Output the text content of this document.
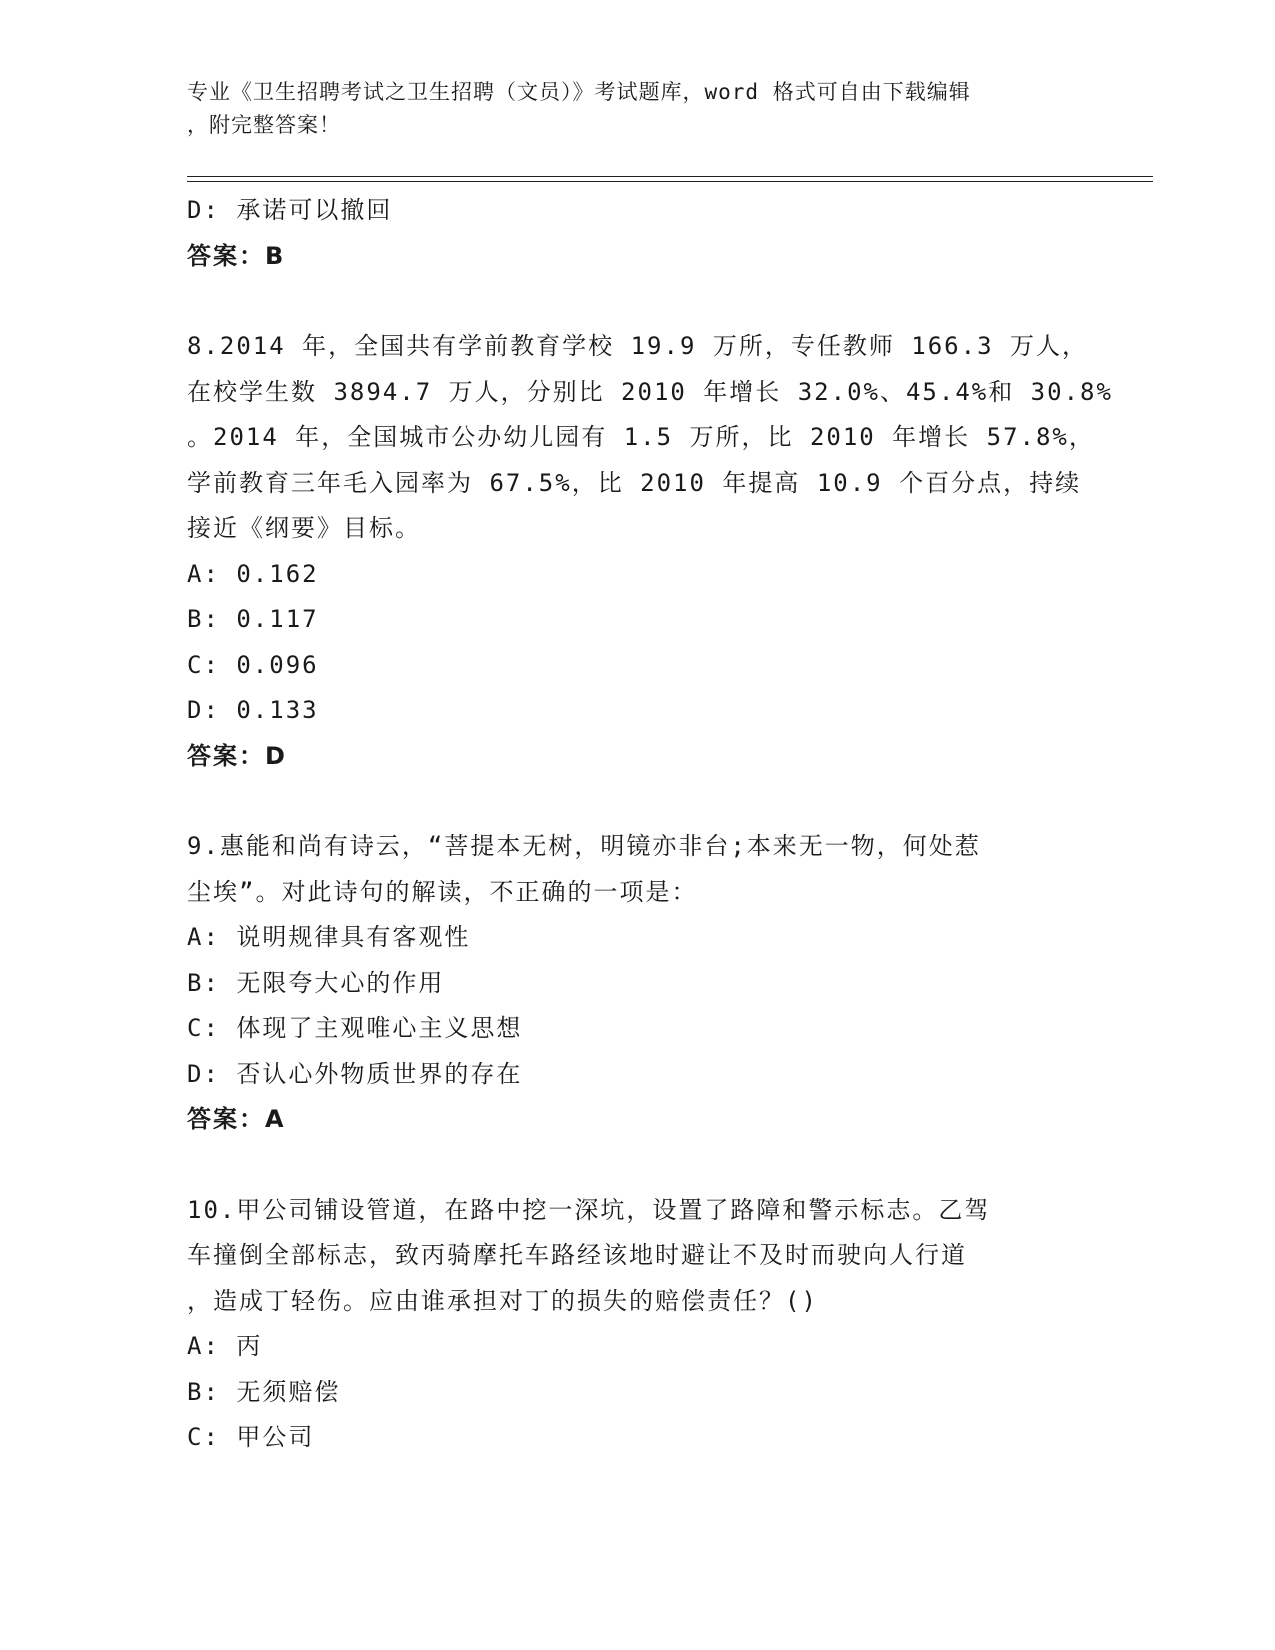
专业《卫生招聘考试之卫生招聘（文员）》考试题库，word 格式可自由下载编辑
，附完整答案！
D: 承诺可以撤回
答案：B
8.2014 年，全国共有学前教育学校 19.9 万所，专任教师 166.3 万人，
在校学生数 3894.7 万人，分别比 2010 年增长 32.0%、45.4%和 30.8%
。2014 年，全国城市公办幼儿园有 1.5 万所，比 2010 年增长 57.8%，
学前教育三年毛入园率为 67.5%，比 2010 年提高 10.9 个百分点，持续
接近《纲要》目标。
A: 0.162
B: 0.117
C: 0.096
D: 0.133
答案：D
9.惠能和尚有诗云，“菩提本无树，明镜亦非台;本来无一物，何处惹
尘埃”。对此诗句的解读，不正确的一项是：
A: 说明规律具有客观性
B: 无限夸大心的作用
C: 体现了主观唯心主义思想
D: 否认心外物质世界的存在
答案：A
10.甲公司铺设管道，在路中挖一深坑，设置了路障和警示标志。乙驾
车撞倒全部标志，致丙骑摩托车路经该地时避让不及时而驶向人行道
，造成丁轻伤。应由谁承担对丁的损失的赔偿责任？()
A: 丙
B: 无须赔偿
C: 甲公司
